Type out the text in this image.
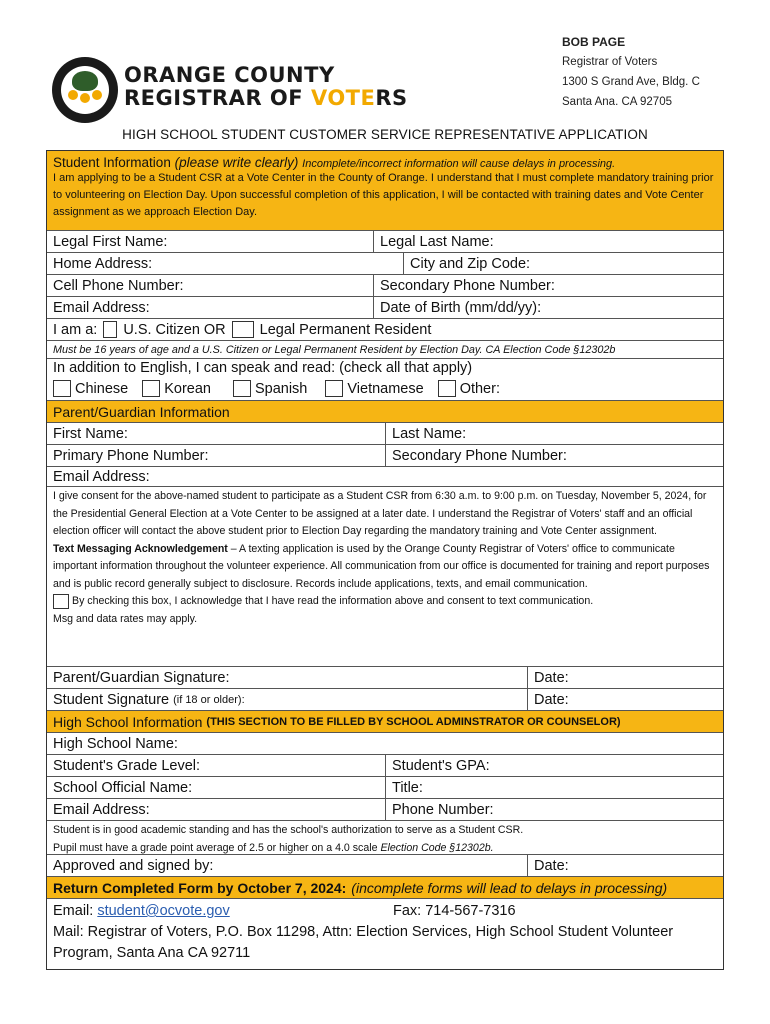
ORANGE COUNTY
REGISTRAR OF VOTERS
BOB PAGE
Registrar of Voters
1300 S Grand Ave, Bldg. C
Santa Ana. CA 92705
HIGH SCHOOL STUDENT CUSTOMER SERVICE REPRESENTATIVE APPLICATION
Student Information (please write clearly) Incomplete/incorrect information will cause delays in processing.
I am applying to be a Student CSR at a Vote Center in the County of Orange. I understand that I must complete mandatory training prior to volunteering on Election Day. Upon successful completion of this application, I will be contacted with training dates and Vote Center assignment as we approach Election Day.
Legal First Name:	Legal Last Name:
Home Address:	City and Zip Code:
Cell Phone Number:	Secondary Phone Number:
Email Address:	Date of Birth (mm/dd/yy):
I am a: U.S. Citizen OR Legal Permanent Resident
Must be 16 years of age and a U.S. Citizen or Legal Permanent Resident by Election Day. CA Election Code §12302b
In addition to English, I can speak and read: (check all that apply)
Chinese Korean	Spanish	Vietnamese Other:
Parent/Guardian Information
First Name:	Last Name:
Primary Phone Number:	Secondary Phone Number:
Email Address:
I give consent for the above-named student to participate as a Student CSR from 6:30 a.m. to 9:00 p.m. on Tuesday, November 5, 2024, for the Presidential General Election at a Vote Center to be assigned at a later date. I understand the Registrar of Voters' staff and an official election officer will contact the above student prior to Election Day regarding the mandatory training and Vote Center assignment.
Text Messaging Acknowledgement – A texting application is used by the Orange County Registrar of Voters' office to communicate important information throughout the volunteer experience. All communication from our office is documented for training and report purposes and is public record generally subject to disclosure. Records include applications, texts, and email communication.
By checking this box, I acknowledge that I have read the information above and consent to text communication.
Msg and data rates may apply.
Parent/Guardian Signature:	Date:
Student Signature (if 18 or older):	Date:
High School Information (THIS SECTION TO BE FILLED BY SCHOOL ADMINSTRATOR OR COUNSELOR)
High School Name:
Student's Grade Level:	Student's GPA:
School Official Name:	Title:
Email Address:	Phone Number:
Student is in good academic standing and has the school's authorization to serve as a Student CSR.
Pupil must have a grade point average of 2.5 or higher on a 4.0 scale Election Code §12302b.
Approved and signed by:	Date:
Return Completed Form by October 7, 2024: (incomplete forms will lead to delays in processing)
Email: student@ocvote.gov	Fax: 714-567-7316
Mail: Registrar of Voters, P.O. Box 11298, Attn: Election Services, High School Student Volunteer Program, Santa Ana CA 92711
